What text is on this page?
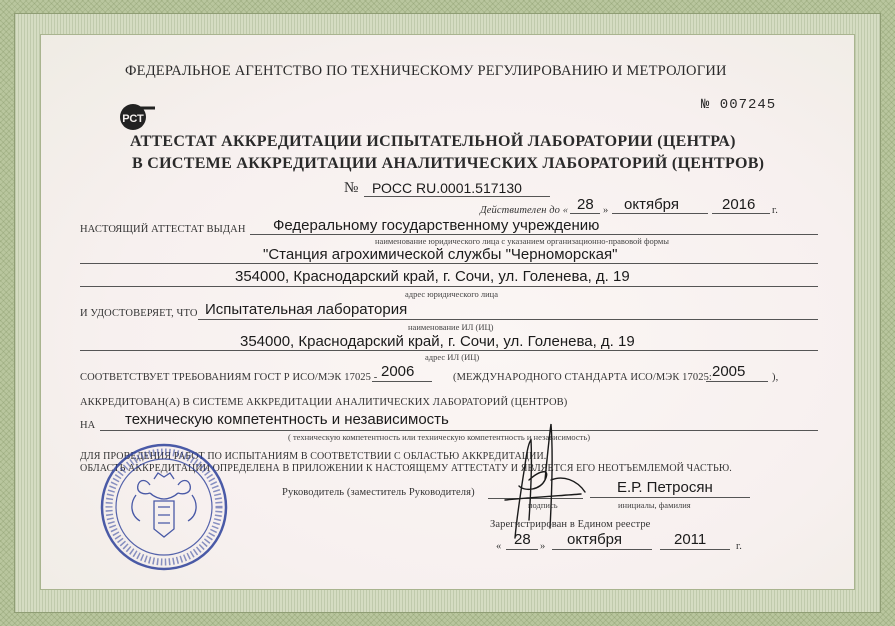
ФЕДЕРАЛЬНОЕ АГЕНТСТВО ПО ТЕХНИЧЕСКОМУ РЕГУЛИРОВАНИЮ И МЕТРОЛОГИИ
РСТ
№ 007245
АТТЕСТАТ АККРЕДИТАЦИИ ИСПЫТАТЕЛЬНОЙ ЛАБОРАТОРИИ (ЦЕНТРА)
В СИСТЕМЕ АККРЕДИТАЦИИ АНАЛИТИЧЕСКИХ ЛАБОРАТОРИЙ (ЦЕНТРОВ)
№ РОСС RU.0001.517130
Действителен до « 28 » октября	2016 г.
НАСТОЯЩИЙ АТТЕСТАТ ВЫДАН Федеральному государственному учреждению
наименование юридического лица с указанием организационно-правовой формы
"Станция агрохимической службы "Черноморская"
354000, Краснодарский край, г. Сочи, ул. Голенева, д. 19
адрес юридического лица
И УДОСТОВЕРЯЕТ, ЧТО Испытательная лаборатория
наименование ИЛ (ИЦ)
354000, Краснодарский край, г. Сочи, ул. Голенева, д. 19
адрес ИЛ (ИЦ)
СООТВЕТСТВУЕТ ТРЕБОВАНИЯМ ГОСТ Р ИСО/МЭК 17025 - 2006	(МЕЖДУНАРОДНОГО СТАНДАРТА ИСО/МЭК 17025: 2005	),
АККРЕДИТОВАН(А) В СИСТЕМЕ АККРЕДИТАЦИИ АНАЛИТИЧЕСКИХ ЛАБОРАТОРИЙ (ЦЕНТРОВ)
НА техническую компетентность и независимость
( техническую компетентность или техническую компетентность и независимость)
ДЛЯ ПРОВЕДЕНИЯ РАБОТ ПО ИСПЫТАНИЯМ В СООТВЕТСТВИИ С ОБЛАСТЬЮ АККРЕДИТАЦИИ.
ОБЛАСТЬ АККРЕДИТАЦИИ ОПРЕДЕЛЕНА В ПРИЛОЖЕНИИ К НАСТОЯЩЕМУ АТТЕСТАТУ И ЯВЛЯЕТСЯ ЕГО НЕОТЪЕМЛЕМОЙ ЧАСТЬЮ.
Руководитель (заместитель Руководителя)
подпись
Е.Р. Петросян
инициалы, фамилия
Зарегистрирован в Едином реестре
« 28 » октября	2011	г.
